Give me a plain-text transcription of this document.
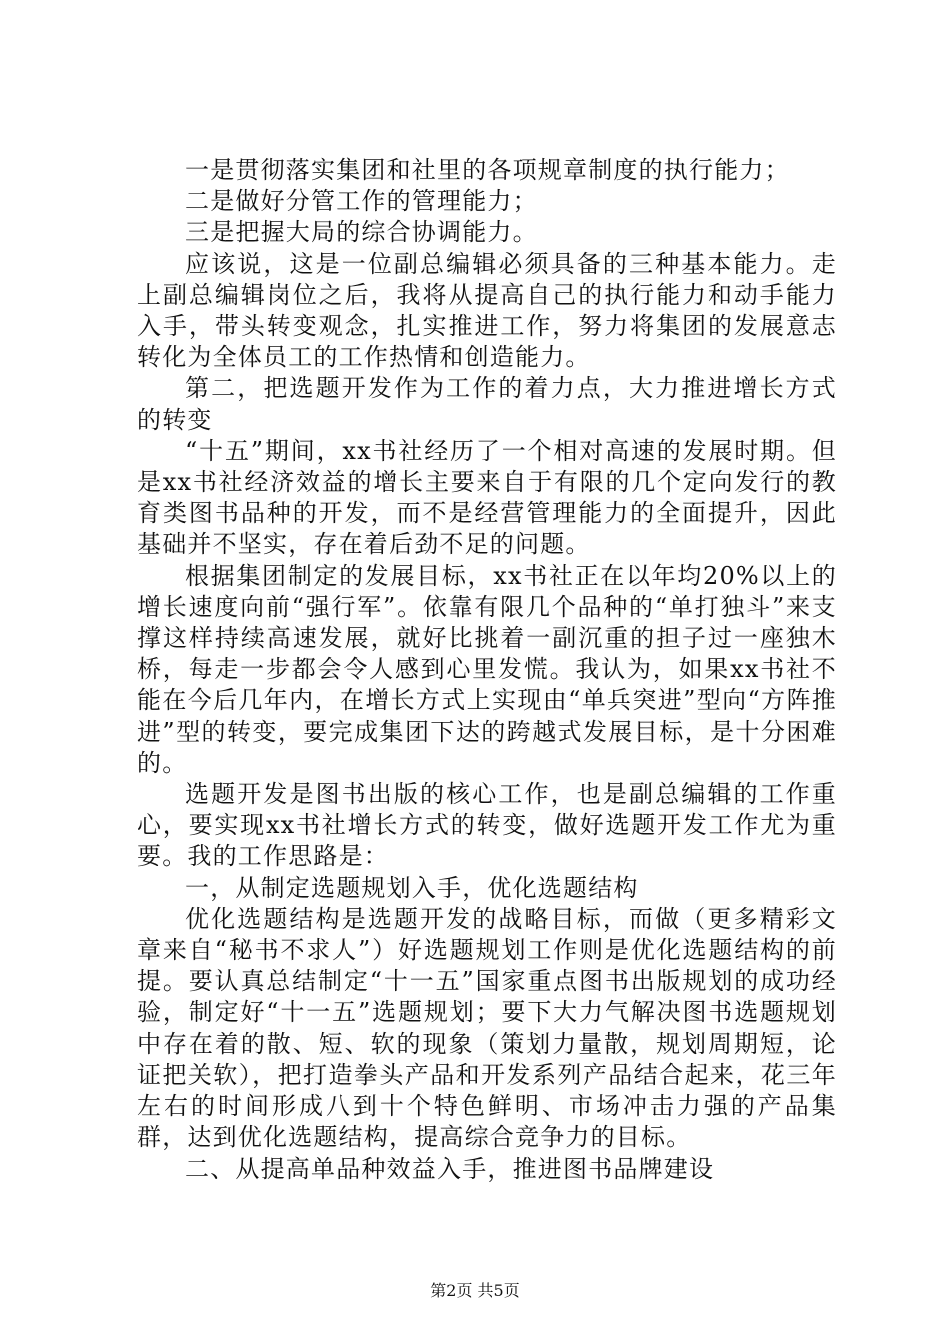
一是贯彻落实集团和社里的各项规章制度的执行能力；

二是做好分管工作的管理能力；

三是把握大局的综合协调能力。

应该说，这是一位副总编辑必须具备的三种基本能力。走上副总编辑岗位之后，我将从提高自己的执行能力和动手能力入手，带头转变观念，扎实推进工作，努力将集团的发展意志转化为全体员工的工作热情和创造能力。

第二，把选题开发作为工作的着力点，大力推进增长方式的转变

“十五”期间，xx书社经历了一个相对高速的发展时期。但是xx书社经济效益的增长主要来自于有限的几个定向发行的教育类图书品种的开发，而不是经营管理能力的全面提升，因此基础并不坚实，存在着后劲不足的问题。

根据集团制定的发展目标，xx书社正在以年均20%以上的增长速度向前“强行军”。依靠有限几个品种的“单打独斗”来支撑这样持续高速发展，就好比挑着一副沉重的担子过一座独木桥，每走一步都会令人感到心里发慌。我认为，如果xx书社不能在今后几年内，在增长方式上实现由“单兵突进”型向“方阵推进”型的转变，要完成集团下达的跨越式发展目标，是十分困难的。

选题开发是图书出版的核心工作，也是副总编辑的工作重心，要实现xx书社增长方式的转变，做好选题开发工作尤为重要。我的工作思路是：

一，从制定选题规划入手，优化选题结构

优化选题结构是选题开发的战略目标，而做（更多精彩文章来自“秘书不求人”）好选题规划工作则是优化选题结构的前提。要认真总结制定“十一五”国家重点图书出版规划的成功经验，制定好“十一五”选题规划；要下大力气解决图书选题规划中存在着的散、短、软的现象（策划力量散，规划周期短，论证把关软），把打造拳头产品和开发系列产品结合起来，花三年左右的时间形成八到十个特色鲜明、市场冲击力强的产品集群，达到优化选题结构，提高综合竞争力的目标。

二、从提高单品种效益入手，推进图书品牌建设

第2页 共5页
